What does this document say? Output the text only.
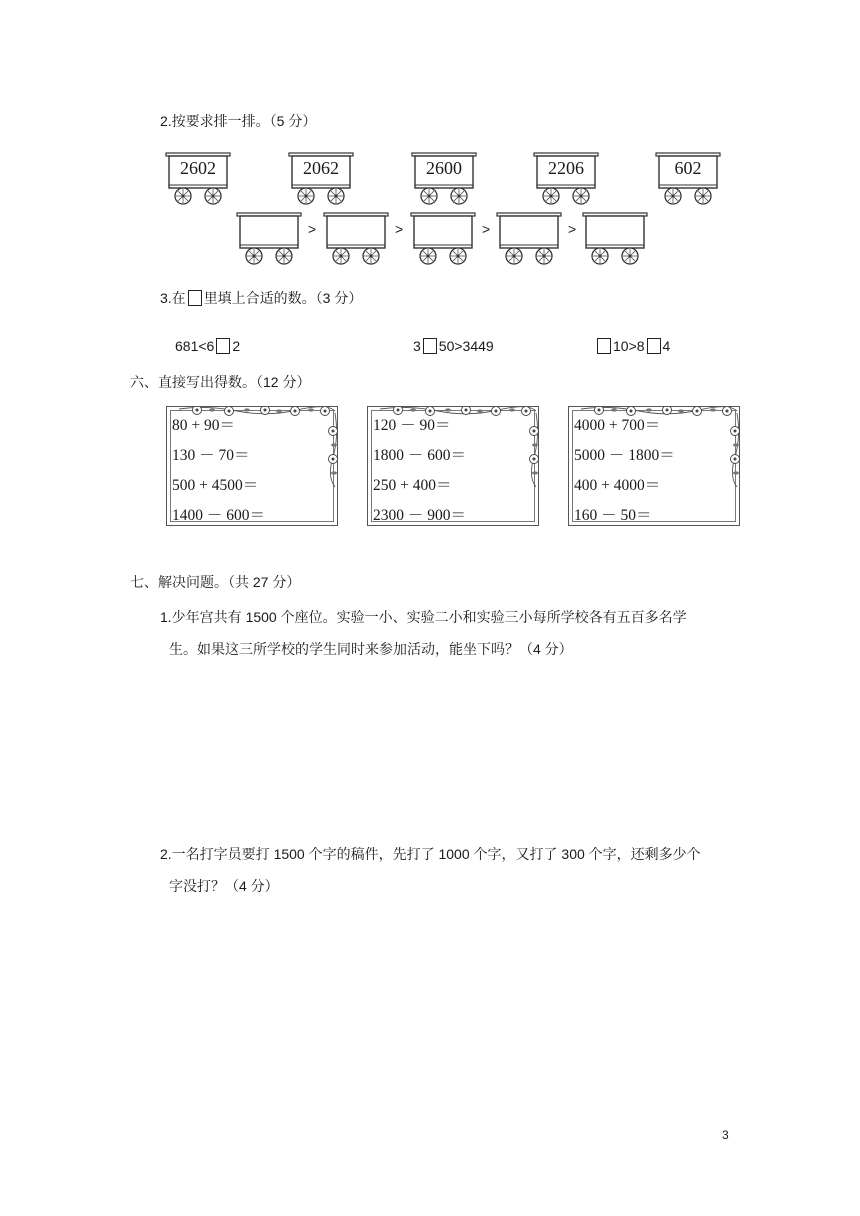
2.按要求排一排。（5 分）
2602	2062	2600	2206	602
>	>	>	>
3.在 里填上合适的数。（3 分）
681<6 2	3 50>3449	10>8 4
六、直接写出得数。（12 分）
80 + 90＝
130 － 70＝
500 + 4500＝
1400 － 600＝
120 － 90＝
1800 － 600＝
250 + 400＝
2300 － 900＝
4000 + 700＝
5000 － 1800＝
400 + 4000＝
160 － 50＝
七、解决问题。（共 27 分）
1.少年宫共有 1500 个座位。实验一小、实验二小和实验三小每所学校各有五百多名学
生。如果这三所学校的学生同时来参加活动，能坐下吗？（4 分）
2.一名打字员要打 1500 个字的稿件，先打了 1000 个字，又打了 300 个字，还剩多少个
字没打？（4 分）
3
